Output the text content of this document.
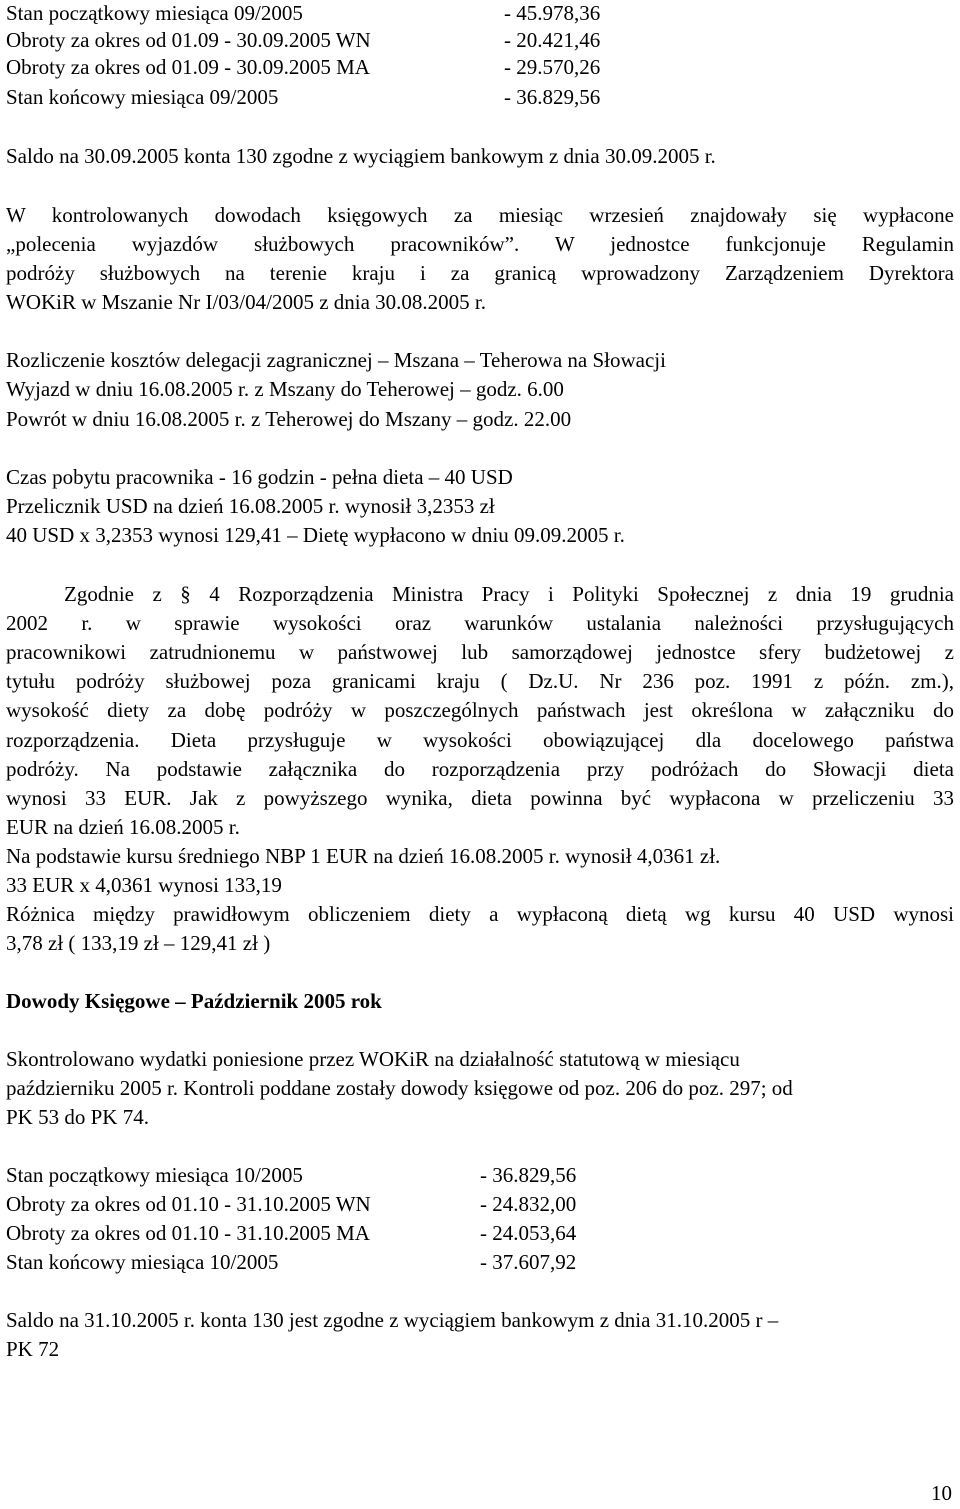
Stan początkowy miesiąca 09/2005	- 45.978,36
Obroty za okres od 01.09 - 30.09.2005 WN	- 20.421,46
Obroty za okres od 01.09 - 30.09.2005 MA	- 29.570,26
Stan końcowy miesiąca 09/2005	- 36.829,56
Saldo na 30.09.2005 konta 130 zgodne z wyciągiem bankowym z dnia 30.09.2005 r.
W kontrolowanych dowodach księgowych za miesiąc wrzesień znajdowały się wypłacone
„polecenia wyjazdów służbowych pracowników”. W jednostce funkcjonuje Regulamin
podróży służbowych na terenie kraju i za granicą wprowadzony Zarządzeniem Dyrektora
WOKiR w Mszanie Nr I/03/04/2005 z dnia 30.08.2005 r.
Rozliczenie kosztów delegacji zagranicznej – Mszana – Teherowa na Słowacji
Wyjazd w dniu 16.08.2005 r. z Mszany do Teherowej – godz. 6.00
Powrót w dniu 16.08.2005 r. z Teherowej do Mszany – godz. 22.00
Czas pobytu pracownika - 16 godzin - pełna dieta – 40 USD
Przelicznik USD na dzień 16.08.2005 r. wynosił 3,2353 zł
40 USD x 3,2353 wynosi 129,41 – Dietę wypłacono w dniu 09.09.2005 r.
Zgodnie z § 4 Rozporządzenia Ministra Pracy i Polityki Społecznej z dnia 19 grudnia
2002 r. w sprawie wysokości oraz warunków ustalania należności przysługujących
pracownikowi zatrudnionemu w państwowej lub samorządowej jednostce sfery budżetowej z
tytułu podróży służbowej poza granicami kraju ( Dz.U. Nr 236 poz. 1991 z późn. zm.),
wysokość diety za dobę podróży w poszczególnych państwach jest określona w załączniku do
rozporządzenia. Dieta przysługuje w wysokości obowiązującej dla docelowego państwa
podróży. Na podstawie załącznika do rozporządzenia przy podróżach do Słowacji dieta
wynosi 33 EUR. Jak z powyższego wynika, dieta powinna być wypłacona w przeliczeniu 33
EUR na dzień 16.08.2005 r.
Na podstawie kursu średniego NBP 1 EUR na dzień 16.08.2005 r. wynosił 4,0361 zł.
33 EUR x 4,0361 wynosi 133,19
Różnica między prawidłowym obliczeniem diety a wypłaconą dietą wg kursu 40 USD wynosi
3,78 zł ( 133,19 zł – 129,41 zł )
Dowody Księgowe – Październik 2005 rok
Skontrolowano wydatki poniesione przez WOKiR na działalność statutową w miesiącu
październiku 2005 r. Kontroli poddane zostały dowody księgowe od poz. 206 do poz. 297; od
PK 53 do PK 74.
Stan początkowy miesiąca 10/2005	- 36.829,56
Obroty za okres od 01.10 - 31.10.2005 WN	- 24.832,00
Obroty za okres od 01.10 - 31.10.2005 MA	- 24.053,64
Stan końcowy miesiąca 10/2005	- 37.607,92
Saldo na 31.10.2005 r. konta 130 jest zgodne z wyciągiem bankowym z dnia 31.10.2005 r –
PK 72
10
